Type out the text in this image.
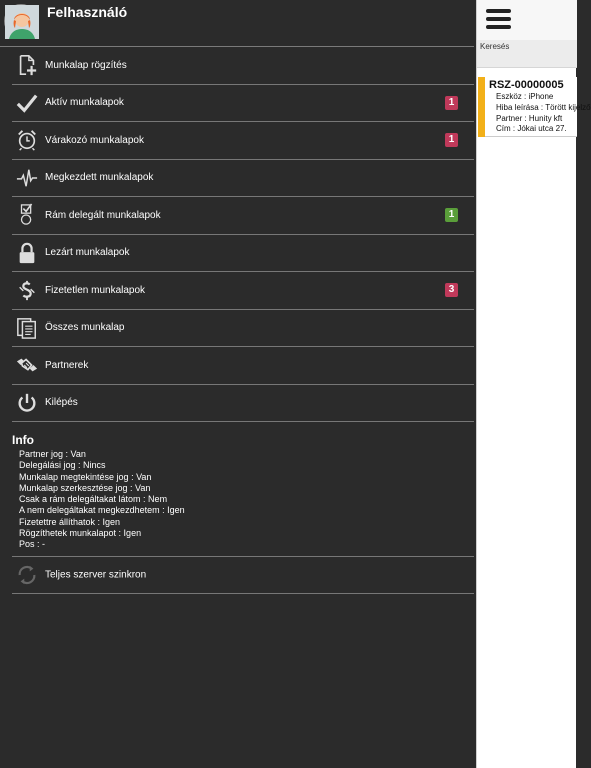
Felhasználó
Munkalap rögzítés
Aktív munkalapok	1
Várakozó munkalapok	1
Megkezdett munkalapok
Rám delegált munkalapok	1
Lezárt munkalapok
Fizetetlen munkalapok	3
Összes munkalap
Partnerek
Kilépés
Info
Partner jog : Van
Delegálási jog : Nincs
Munkalap megtekintése jog : Van
Munkalap szerkesztése jog : Van
Csak a rám delegáltakat látom : Nem
A nem delegáltakat megkezdhetem : Igen
Fizetettre állíthatok : Igen
Rögzíthetek munkalapot : Igen
Pos : -
Teljes szerver szinkron
Keresés
RSZ-00000005
Eszköz : iPhone
Hiba leírása : Törött kijelző
Partner : Hunity kft
Cím : Jókai utca 27.
